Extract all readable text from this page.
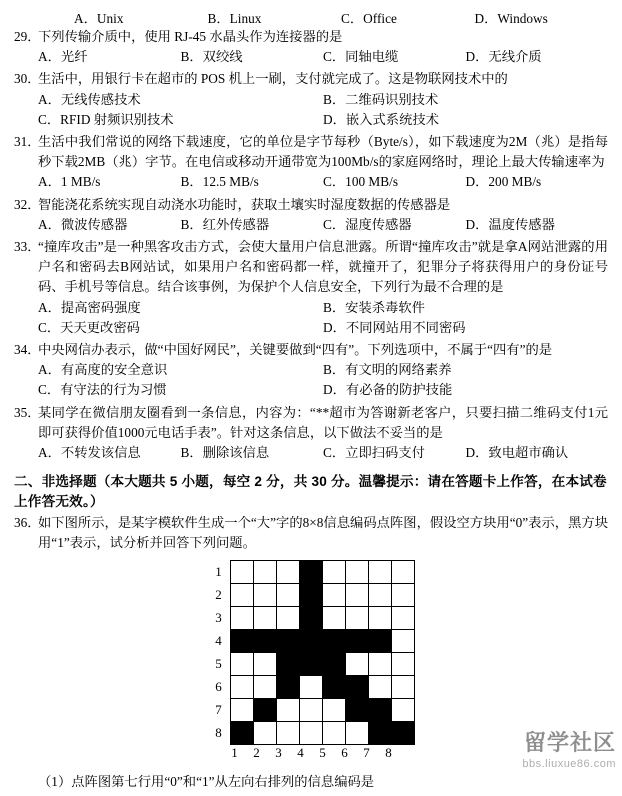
A．Unix	B．Linux	C．Office	D．Windows
29．
下列传输介质中，使用 RJ-45 水晶头作为连接器的是
A．光纤	B．双绞线	C．同轴电缆	D．无线介质
30．
生活中，用银行卡在超市的 POS 机上一刷，支付就完成了。这是物联网技术中的
A．无线传感技术	B．二维码识别技术
C．RFID 射频识别技术	D．嵌入式系统技术
31．
生活中我们常说的网络下载速度，它的单位是字节每秒（Byte/s），如下载速度为2M（兆）是指每秒下载2MB（兆）字节。在电信或移动开通带宽为100Mb/s的家庭网络时，理论上最大传输速率为
A．1 MB/s	B．12.5 MB/s	C．100 MB/s	D．200 MB/s
32．
智能浇花系统实现自动浇水功能时，获取土壤实时湿度数据的传感器是
A．微波传感器	B．红外传感器	C．湿度传感器	D．温度传感器
33．
“撞库攻击”是一种黑客攻击方式，会使大量用户信息泄露。所谓“撞库攻击”就是拿A网站泄露的用户名和密码去B网站试，如果用户名和密码都一样，就撞开了，犯罪分子将获得用户的身份证号码、手机号等信息。结合该事例，为保护个人信息安全，下列行为最不合理的是
A．提高密码强度	B．安装杀毒软件
C．天天更改密码	D．不同网站用不同密码
34．
中央网信办表示，做“中国好网民”，关键要做到“四有”。下列选项中，不属于“四有”的是
A．有高度的安全意识	B．有文明的网络素养
C．有守法的行为习惯	D．有必备的防护技能
35．
某同学在微信朋友圈看到一条信息，内容为：“**超市为答谢新老客户，只要扫描二维码支付1元即可获得价值1000元电话手表”。针对这条信息，以下做法不妥当的是
A．不转发该信息	B．删除该信息	C．立即扫码支付	D．致电超市确认
二、非选择题（本大题共 5 小题，每空 2 分，共 30 分。温馨提示：请在答题卡上作答，在本试卷上作答无效。）
36．
如下图所示，是某字模软件生成一个“大”字的8×8信息编码点阵图，假设空方块用“0”表示，黑方块用“1”表示，试分析并回答下列问题。
1								
2								
3								
4								
5								
6								
7								
8								
	1	2	3	4	5	6	7	8
（1）点阵图第七行用“0”和“1”从左向右排列的信息编码是
留学社区
bbs.liuxue86.com
